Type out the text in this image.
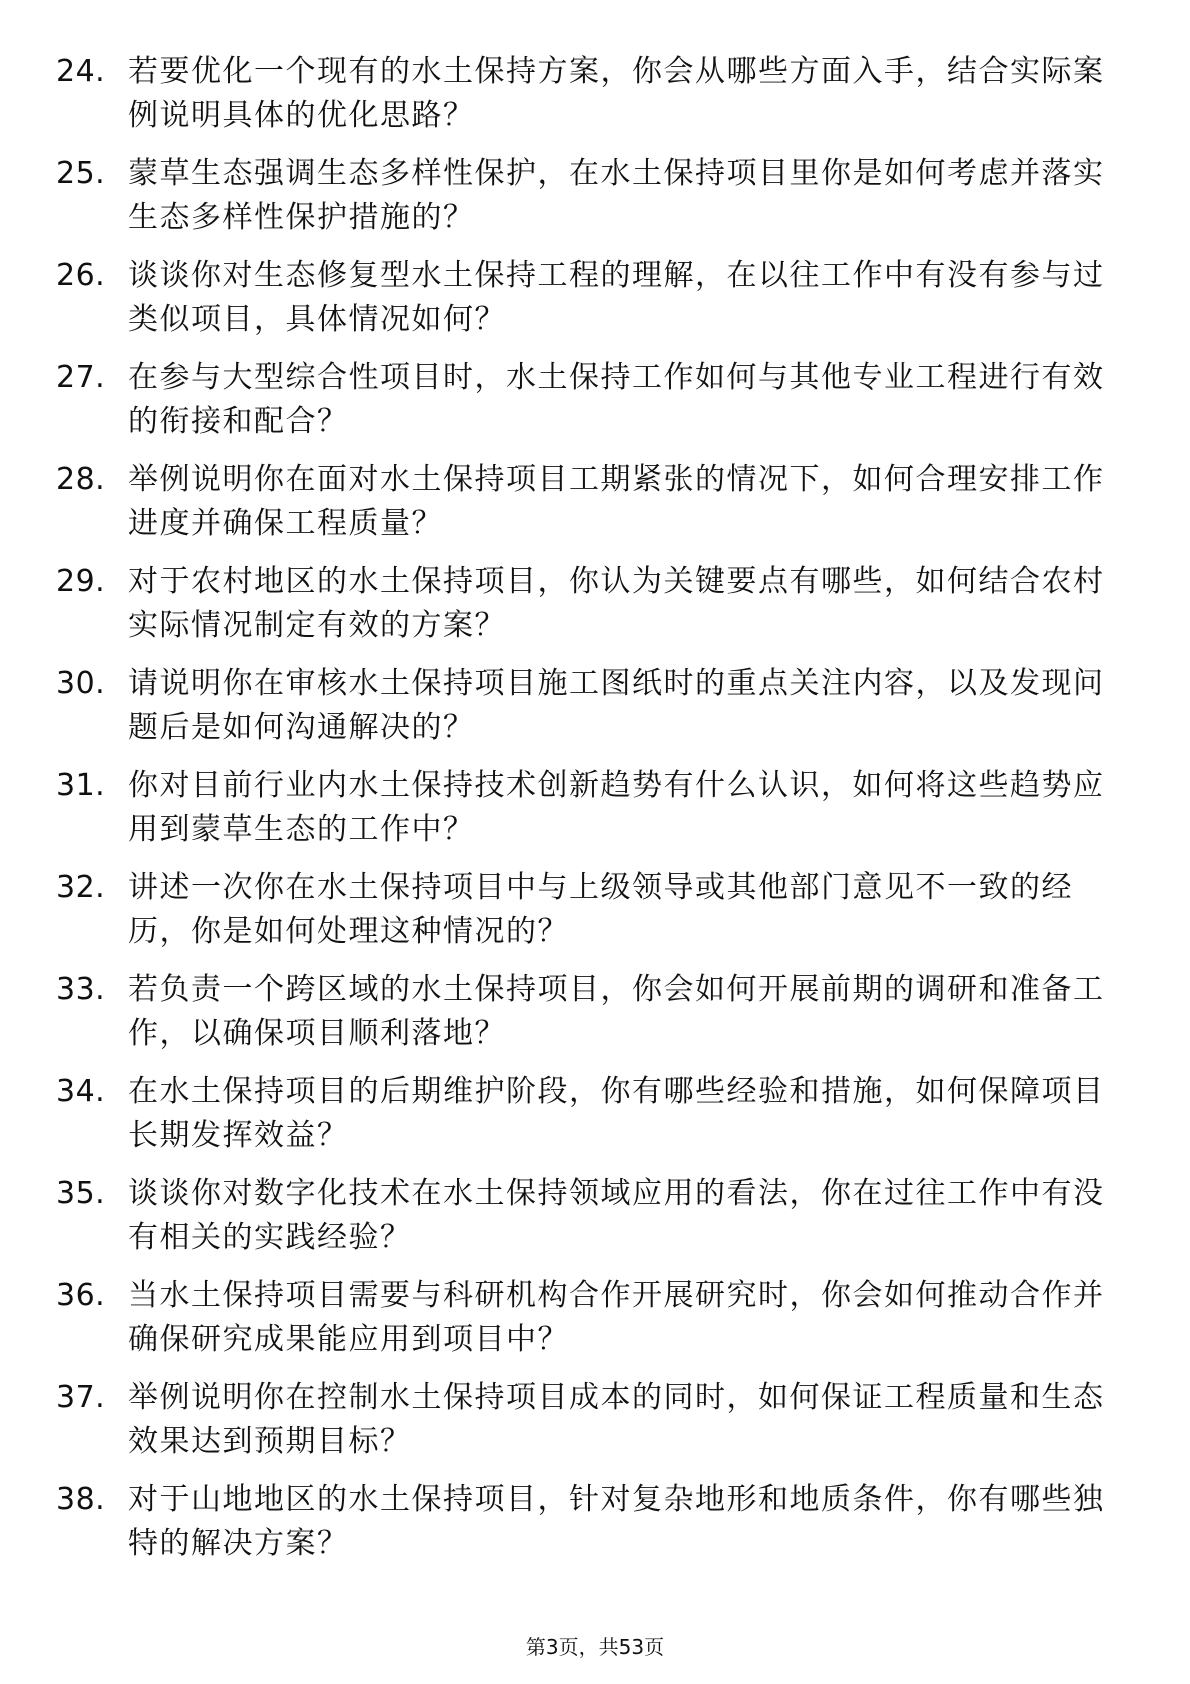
24. 若要优化一个现有的水土保持方案，你会从哪些方面入手，结合实际案例说明具体的优化思路？
25. 蒙草生态强调生态多样性保护，在水土保持项目里你是如何考虑并落实生态多样性保护措施的？
26. 谈谈你对生态修复型水土保持工程的理解，在以往工作中有没有参与过类似项目，具体情况如何？
27. 在参与大型综合性项目时，水土保持工作如何与其他专业工程进行有效的衔接和配合？
28. 举例说明你在面对水土保持项目工期紧张的情况下，如何合理安排工作进度并确保工程质量？
29. 对于农村地区的水土保持项目，你认为关键要点有哪些，如何结合农村实际情况制定有效的方案？
30. 请说明你在审核水土保持项目施工图纸时的重点关注内容，以及发现问题后是如何沟通解决的？
31. 你对目前行业内水土保持技术创新趋势有什么认识，如何将这些趋势应用到蒙草生态的工作中？
32. 讲述一次你在水土保持项目中与上级领导或其他部门意见不一致的经历，你是如何处理这种情况的？
33. 若负责一个跨区域的水土保持项目，你会如何开展前期的调研和准备工作，以确保项目顺利落地？
34. 在水土保持项目的后期维护阶段，你有哪些经验和措施，如何保障项目长期发挥效益？
35. 谈谈你对数字化技术在水土保持领域应用的看法，你在过往工作中有没有相关的实践经验？
36. 当水土保持项目需要与科研机构合作开展研究时，你会如何推动合作并确保研究成果能应用到项目中？
37. 举例说明你在控制水土保持项目成本的同时，如何保证工程质量和生态效果达到预期目标？
38. 对于山地地区的水土保持项目，针对复杂地形和地质条件，你有哪些独特的解决方案？
第3页，共53页
